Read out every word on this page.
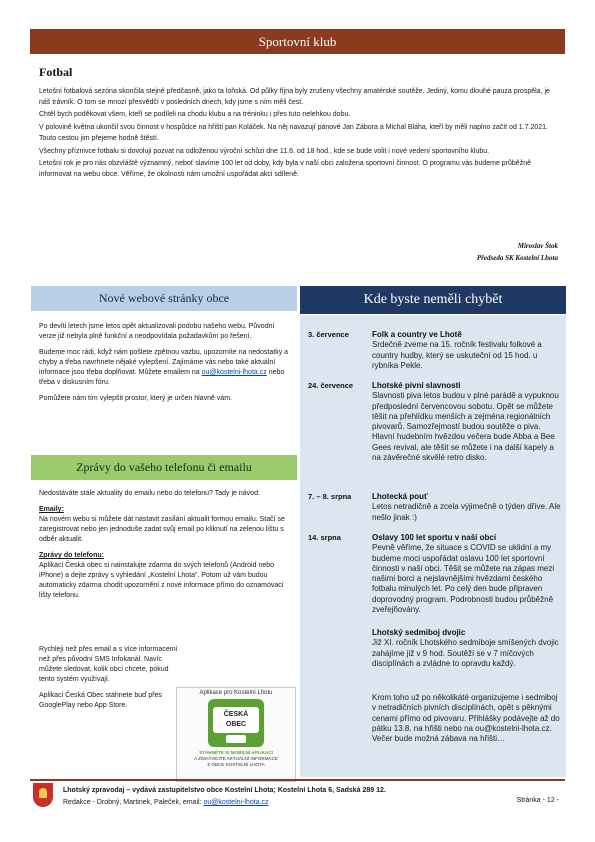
Sportovní klub
Fotbal

Letošní fotbalová sezóna skončila stejně předčasně, jako ta loňská. Od půlky října byly zrušeny všechny amatérské soutěže. Jediný, komu dlouhé pauza prospěla, je náš trávník. O tom se mnozí přesvědčí v posledních dnech, kdy jsme s ním měli čest.

Chtěl bych poděkovat všem, kteří se podíleli na chodu klubu a na tréninku i přes tuto nelehkou dobu.

V polovině května ukončil svou činnost v hospůdce na hřišti pan Koláček. Na něj navazují pánové Jan Zábora a Michal Bláha, kteří by měli naplno začít od 1.7.2021. Touto cestou jim přejeme hodně štěstí.

Všechny příznivce fotbalu si dovoluji pozvat na odloženou výroční schůzi dne 11.6. od 18 hod., kde se bude volit i nové vedení sportovního klubu.

Letošní rok je pro nás obzvláště významný, neboť slavíme 100 let od doby, kdy byla v naší obci založena sportovní činnost. O programu vás budeme průběžně informovat na webu obce. Věříme, že okolnosti nám umožní uspořádat akci sdíleně.

Miroslav Štok
Předseda SK Kostelní Lhota
Nové webové stránky obce	Kde byste neměli chybět

Po devíti letech jsme letos opět aktualizovali podobu našeho webu. Původní verze již nebyla plně funkční a neodpovídala požadavkům po řešení.

Budeme moc rádi, když nám pošlete zpětnou vazbu, upozorníte na nedostatky a chyby a třeba navrhnete nějaké vylepšení. Zajímáme vás nebo také aktuální informace jsou třeba doplňovat. Můžete emailem na ou@kostelni-lhota.cz nebo třeba v diskusním fóru.

Pomůžete nám tím vylepšit prostor, který je určen hlavně vám.

Zprávy do vašeho telefonu či emailu

Nedostáváte stále aktuality do emailu nebo do telefonu? Tady je návod:

Emaily:

Na novém webu si můžete dát nastavit zasílání aktualit formou emailu. Stačí se zaregistrovat nebo jen jednoduše zadat svůj email po kliknutí na zelenou lištu s odběr aktualit.

Zprávy do telefonu:

Aplikaci Česká obec si nainstalujte zdarma do svých telefonů (Android nebo iPhone) a dejte zprávy s vyhledání „Kostelní Lhota“. Potom už vám budou automaticky zdarma chodit upozornění z nové informace přímo do oznamovací lišty telefonu.

Rychleji než přes email a s více informacemi než přes původní SMS Infokanál. Navíc můžete sledovat, kolik obcí chcete, pokud tento systém využívají.

Aplikaci Česká Obec stáhnete buď přes GooglePlay nebo App Store.

Aplikace pro Kostelní Lhotu
ČESKÁ
OBEC
STÁHNĚTE SI MOBILNÍ APLIKACI
A ZÍSKÁVEJTE AKTUÁLNÍ INFORMACE
Z OBCE KOSTELNÍ LHOTA
3. července	Folk a country ve Lhotě
Srdečně zveme na 15. ročník festivalu folkové a country hudby, který se uskuteční od 15 hod. u rybníka Pekle.
24. července	Lhotské pivní slavnosti
Slavnosti piva letos budou v plné parádě a vypuknou předposlední červencovou sobotu. Opět se můžete těšit na přehlídku menších a zejména regionálních pivovarů. Samozřejmostí budou soutěže o piva. Hlavní hudebním hvězdou večera bude Abba a Bee Gees revival, ale těšit se můžete i na další kapely a na závěrečné skvělé retro disko.
7. – 8. srpna	Lhotecká pouť
Letos netradičně a zcela výjimečně o týden dříve. Ale nešlo jinak :)
14. srpna	Oslavy 100 let sportu v naší obci
Pevně věříme, že situace s COVID se uklidní a my budeme moci uspořádat oslavu 100 let sportovní činnosti v naší obci. Těšit se můžete na zápas mezi našimi borci a nejslavnějšími hvězdami českého fotbalu minulých let. Po celý den bude připraven doprovodný program. Podrobnosti budou průběžně zveřejňovány.
Lhotský sedmiboj dvojic
Již XI. ročník Lhotského sedmiboje smíšených dvojic zahájíme již v 9 hod. Soutěží se v 7 míčových disciplínách a zvládne to opravdu každý.
Krom toho už po několikáté organizujeme i sedmiboj v netradičních pivních disciplínách, opět s pěknými cenami přímo od pivovaru. Přihlášky podávejte až do pátku 13.8. na hřišti nebo na ou@kostelni-lhota.cz. Večer bude možná zábava na hřišti…
Lhotský zpravodaj – vydává zastupitelstvo obce Kostelní Lhota; Kostelní Lhota 6, Sadská 289 12.
Redakce - Drobný, Martinek, Paleček, email: ou@kostelni-lhota.cz	Stránka - 12 -
